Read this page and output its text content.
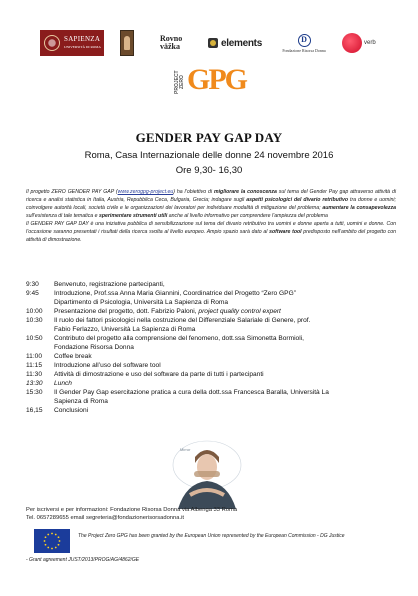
SAPIENZA
UNIVERSITÀ DI ROMA
Rovno
väžka	elements	D
Fondazione Risorsa Donna
verb
PROJECT ZERO GPG
GENDER PAY GAP DAY
Roma, Casa Internazionale delle donne 24 novembre 2016
Ore 9,30- 16,30

Il progetto ZERO GENDER PAY GAP (www.zerogpg-project.eu) ha l’obiettivo di migliorare la conoscenza sul tema del Gender Pay gap attraverso attività di ricerca e analisi statistica in Italia, Austria, Repubblica Ceca, Bulgaria, Grecia; indagare sugli aspetti psicologici del divario retributivo tra donne e uomini; coinvolgere autorità locali, società civile e le organizzazioni dei lavoratori per individuare modalità di mitigazione del problema; aumentare la consapevolezza sull’esistenza di tale tematica e sperimentare strumenti utili anche al livello informativo per comprendere l’ampiezza del problema

Il GENDER PAY GAP DAY è una iniziativa pubblica di sensibilizzazione sul tema del divario retributivo tra uomini e donne aperta a tutti, uomini e donne. Con l’occasione saranno presentati i risultati della ricerca svolta al livello europeo. Ampio spazio sarà dato al software tool predisposto nell’ambito del progetto con attività di dimostrazione.

9:30	Benvenuto, registrazione partecipanti,
9:45	Introduzione, Prof.ssa Anna Maria Giannini, Coordinatrice del Progetto “Zero GPG”
Dipartimento di Psicologia, Università La Sapienza di Roma
10:00	Presentazione del progetto, dott. Fabrizio Paloni, project quality control expert
10:30	Il ruolo dei fattori psicologici nella costruzione del Differenziale Salariale di Genere, prof.
Fabio Ferlazzo, Università La Sapienza di Roma
10:50	Contributo del progetto alla comprensione del fenomeno, dott.ssa Simonetta Bormioli,
Fondazione Risorsa Donna
11:00	Coffee break
11:15	Introduzione all’uso del software tool
11:30	Attività di dimostrazione e uso del software da parte di tutti i partecipanti
13:30	Lunch
15:30	Il Gender Pay Gap esercitazione pratica a cura della dott.ssa Francesca Baralla, Università La
Sapienza di Roma
16,15	Conclusioni
Mirror
Per iscriversi e per informazioni: Fondazione Risorsa Donna via Albenga 33 Roma
Tel. 0657289655 email segreteria@fondazionerisorsadonna.it
The Project Zero GPG has been granted by the European Union represented by the European Commission - DG Justice
- Grant agreement JUST/2013/PROG/AG/4862/GE
